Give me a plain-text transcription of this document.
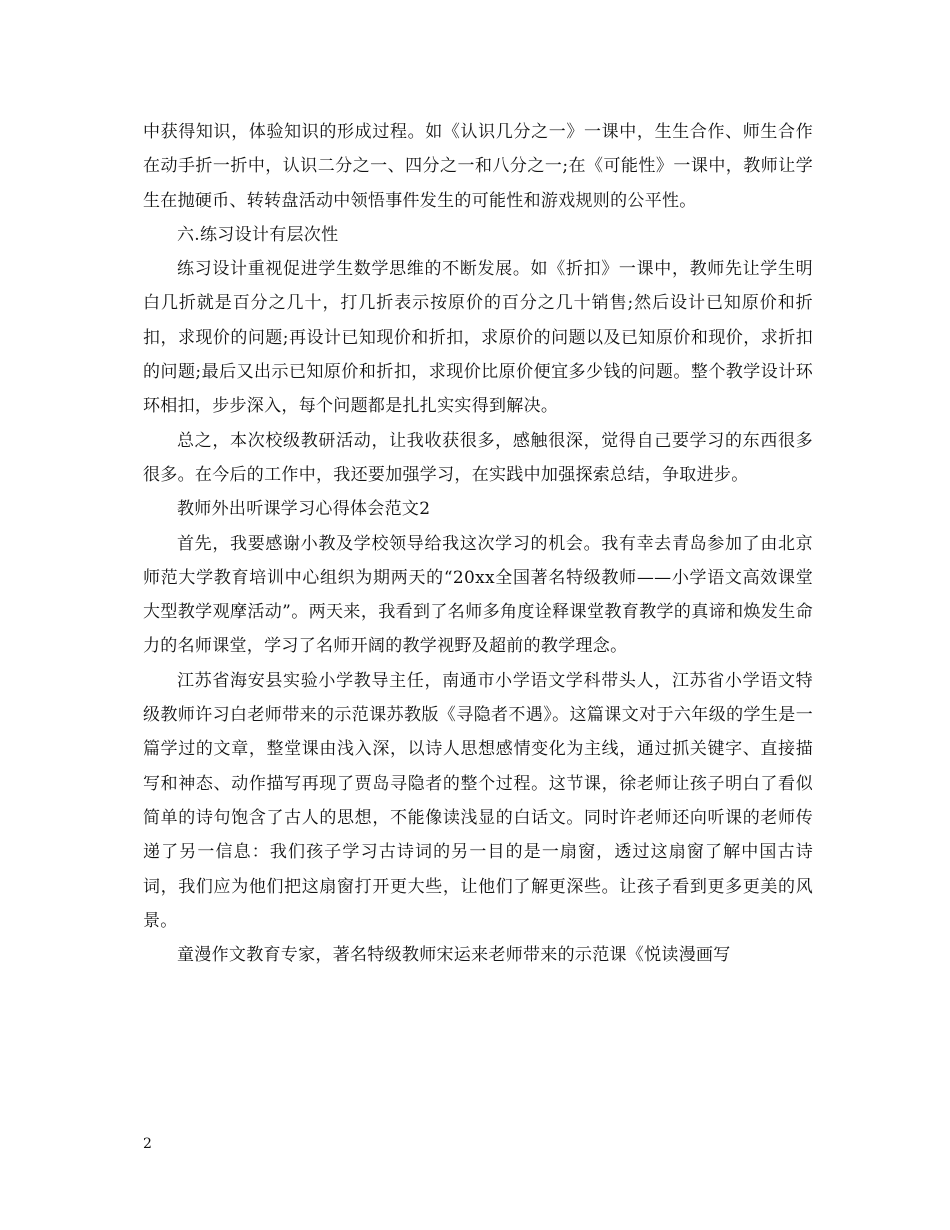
中获得知识，体验知识的形成过程。如《认识几分之一》一课中，生生合作、师生合作在动手折一折中，认识二分之一、四分之一和八分之一;在《可能性》一课中，教师让学生在抛硬币、转转盘活动中领悟事件发生的可能性和游戏规则的公平性。

六.练习设计有层次性

练习设计重视促进学生数学思维的不断发展。如《折扣》一课中，教师先让学生明白几折就是百分之几十，打几折表示按原价的百分之几十销售;然后设计已知原价和折扣，求现价的问题;再设计已知现价和折扣，求原价的问题以及已知原价和现价，求折扣的问题;最后又出示已知原价和折扣，求现价比原价便宜多少钱的问题。整个教学设计环环相扣，步步深入，每个问题都是扎扎实实得到解决。

总之，本次校级教研活动，让我收获很多，感触很深，觉得自己要学习的东西很多很多。在今后的工作中，我还要加强学习，在实践中加强探索总结，争取进步。

教师外出听课学习心得体会范文2

首先，我要感谢小教及学校领导给我这次学习的机会。我有幸去青岛参加了由北京师范大学教育培训中心组织为期两天的“20xx全国著名特级教师——小学语文高效课堂大型教学观摩活动”。两天来，我看到了名师多角度诠释课堂教育教学的真谛和焕发生命力的名师课堂，学习了名师开阔的教学视野及超前的教学理念。

江苏省海安县实验小学教导主任，南通市小学语文学科带头人，江苏省小学语文特级教师许习白老师带来的示范课苏教版《寻隐者不遇》。这篇课文对于六年级的学生是一篇学过的文章，整堂课由浅入深，以诗人思想感情变化为主线，通过抓关键字、直接描写和神态、动作描写再现了贾岛寻隐者的整个过程。这节课，徐老师让孩子明白了看似简单的诗句饱含了古人的思想，不能像读浅显的白话文。同时许老师还向听课的老师传递了另一信息：我们孩子学习古诗词的另一目的是一扇窗，透过这扇窗了解中国古诗词，我们应为他们把这扇窗打开更大些，让他们了解更深些。让孩子看到更多更美的风景。

童漫作文教育专家，著名特级教师宋运来老师带来的示范课《悦读漫画写

2
